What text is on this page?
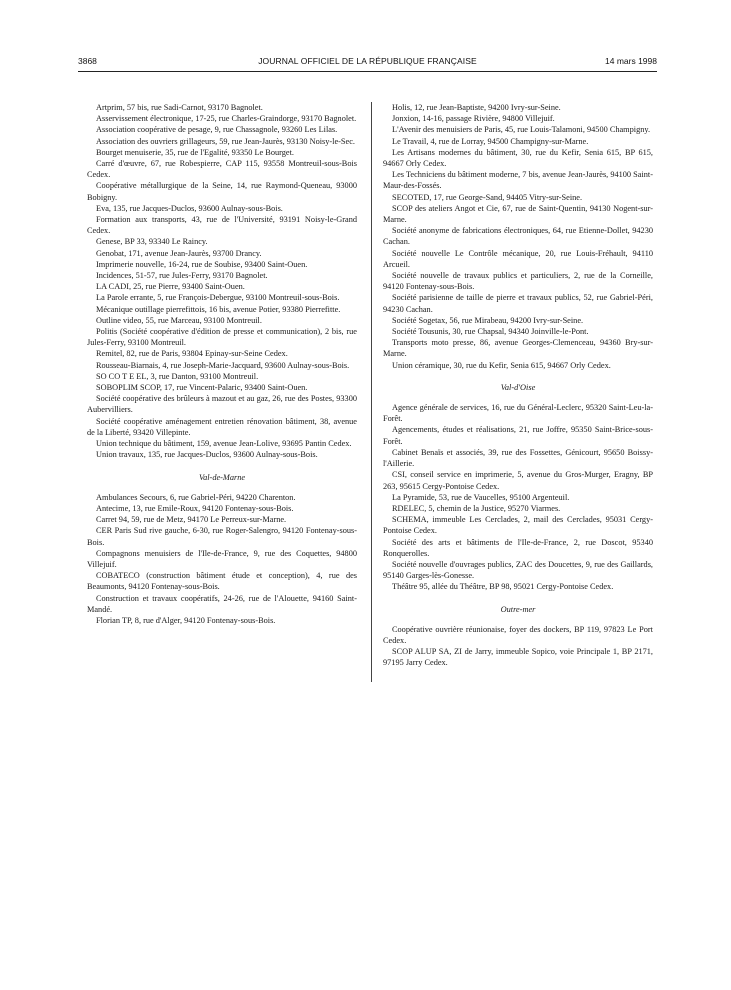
3868	JOURNAL OFFICIEL DE LA RÉPUBLIQUE FRANÇAISE	14 mars 1998

Artprim, 57 bis, rue Sadi-Carnot, 93170 Bagnolet.

Asservissement électronique, 17-25, rue Charles-Graindorge, 93170 Bagnolet.

Association coopérative de pesage, 9, rue Chassagnole, 93260 Les Lilas.

Association des ouvriers grillageurs, 59, rue Jean-Jaurès, 93130 Noisy-le-Sec.

Bourget menuiserie, 35, rue de l'Egalité, 93350 Le Bourget.

Carré d'œuvre, 67, rue Robespierre, CAP 115, 93558 Montreuil-sous-Bois Cedex.

Coopérative métallurgique de la Seine, 14, rue Raymond-Queneau, 93000 Bobigny.

Eva, 135, rue Jacques-Duclos, 93600 Aulnay-sous-Bois.

Formation aux transports, 43, rue de l'Université, 93191 Noisy-le-Grand Cedex.

Genese, BP 33, 93340 Le Raincy.

Genobat, 171, avenue Jean-Jaurès, 93700 Drancy.

Imprimerie nouvelle, 16-24, rue de Soubise, 93400 Saint-Ouen.

Incidences, 51-57, rue Jules-Ferry, 93170 Bagnolet.

LA CADI, 25, rue Pierre, 93400 Saint-Ouen.

La Parole errante, 5, rue François-Debergue, 93100 Montreuil-sous-Bois.

Mécanique outillage pierrefittois, 16 bis, avenue Potier, 93380 Pierrefitte.

Outline video, 55, rue Marceau, 93100 Montreuil.

Politis (Société coopérative d'édition de presse et communication), 2 bis, rue Jules-Ferry, 93100 Montreuil.

Remitel, 82, rue de Paris, 93804 Epinay-sur-Seine Cedex.

Rousseau-Biarnais, 4, rue Joseph-Marie-Jacquard, 93600 Aulnay-sous-Bois.

SO CO T E EL, 3, rue Danton, 93100 Montreuil.

SOBOPLIM SCOP, 17, rue Vincent-Palaric, 93400 Saint-Ouen.

Société coopérative des brûleurs à mazout et au gaz, 26, rue des Postes, 93300 Aubervilliers.

Société coopérative aménagement entretien rénovation bâtiment, 38, avenue de la Liberté, 93420 Villepinte.

Union technique du bâtiment, 159, avenue Jean-Lolive, 93695 Pantin Cedex.

Union travaux, 135, rue Jacques-Duclos, 93600 Aulnay-sous-Bois.

Val-de-Marne

Ambulances Secours, 6, rue Gabriel-Péri, 94220 Charenton.

Antecime, 13, rue Emile-Roux, 94120 Fontenay-sous-Bois.

Carret 94, 59, rue de Metz, 94170 Le Perreux-sur-Marne.

CER Paris Sud rive gauche, 6-30, rue Roger-Salengro, 94120 Fontenay-sous-Bois.

Compagnons menuisiers de l'Ile-de-France, 9, rue des Coquettes, 94800 Villejuif.

COBATECO (construction bâtiment étude et conception), 4, rue des Beaumonts, 94120 Fontenay-sous-Bois.

Construction et travaux coopératifs, 24-26, rue de l'Alouette, 94160 Saint-Mandé.

Florian TP, 8, rue d'Alger, 94120 Fontenay-sous-Bois.

Holis, 12, rue Jean-Baptiste, 94200 Ivry-sur-Seine.

Jonxion, 14-16, passage Rivière, 94800 Villejuif.

L'Avenir des menuisiers de Paris, 45, rue Louis-Talamoni, 94500 Champigny.

Le Travail, 4, rue de Lorray, 94500 Champigny-sur-Marne.

Les Artisans modernes du bâtiment, 30, rue du Kefir, Senia 615, BP 615, 94667 Orly Cedex.

Les Techniciens du bâtiment moderne, 7 bis, avenue Jean-Jaurès, 94100 Saint-Maur-des-Fossés.

SECOTED, 17, rue George-Sand, 94405 Vitry-sur-Seine.

SCOP des ateliers Angot et Cie, 67, rue de Saint-Quentin, 94130 Nogent-sur-Marne.

Société anonyme de fabrications électroniques, 64, rue Etienne-Dollet, 94230 Cachan.

Société nouvelle Le Contrôle mécanique, 20, rue Louis-Fréhault, 94110 Arcueil.

Société nouvelle de travaux publics et particuliers, 2, rue de la Corneille, 94120 Fontenay-sous-Bois.

Société parisienne de taille de pierre et travaux publics, 52, rue Gabriel-Péri, 94230 Cachan.

Société Sogetax, 56, rue Mirabeau, 94200 Ivry-sur-Seine.

Société Tousunis, 30, rue Chapsal, 94340 Joinville-le-Pont.

Transports moto presse, 86, avenue Georges-Clemenceau, 94360 Bry-sur-Marne.

Union céramique, 30, rue du Kefir, Senia 615, 94667 Orly Cedex.

Val-d'Oise

Agence générale de services, 16, rue du Général-Leclerc, 95320 Saint-Leu-la-Forêt.

Agencements, études et réalisations, 21, rue Joffre, 95350 Saint-Brice-sous-Forêt.

Cabinet Benaïs et associés, 39, rue des Fossettes, Génicourt, 95650 Boissy-l'Aillerie.

CSI, conseil service en imprimerie, 5, avenue du Gros-Murger, Eragny, BP 263, 95615 Cergy-Pontoise Cedex.

La Pyramide, 53, rue de Vaucelles, 95100 Argenteuil.

RDELEC, 5, chemin de la Justice, 95270 Viarmes.

SCHEMA, immeuble Les Cerclades, 2, mail des Cerclades, 95031 Cergy-Pontoise Cedex.

Société des arts et bâtiments de l'Ile-de-France, 2, rue Doscot, 95340 Ronquerolles.

Société nouvelle d'ouvrages publics, ZAC des Doucettes, 9, rue des Gaillards, 95140 Garges-lès-Gonesse.

Théâtre 95, allée du Théâtre, BP 98, 95021 Cergy-Pontoise Cedex.

Outre-mer

Coopérative ouvrière réunionaise, foyer des dockers, BP 119, 97823 Le Port Cedex.

SCOP ALUP SA, ZI de Jarry, immeuble Sopico, voie Principale 1, BP 2171, 97195 Jarry Cedex.
